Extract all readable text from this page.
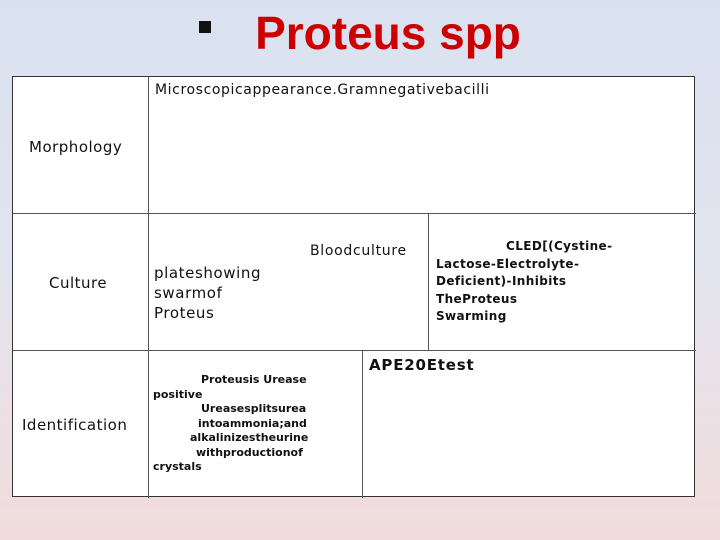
Proteus spp
Microscopicappearance.Gramnegativebacilli
Morphology
Culture
plateshowing
swarmof
Proteus
Bloodculture	CLED[(Cystine-
Lactose-Electrolyte-
Deficient)-Inhibits
TheProteus
Swarming
Identification
Proteusis Urease
positive
Ureasesplitsurea
intoammonia;and
alkalinizestheurine
withproductionof
crystals
APE20Etest
